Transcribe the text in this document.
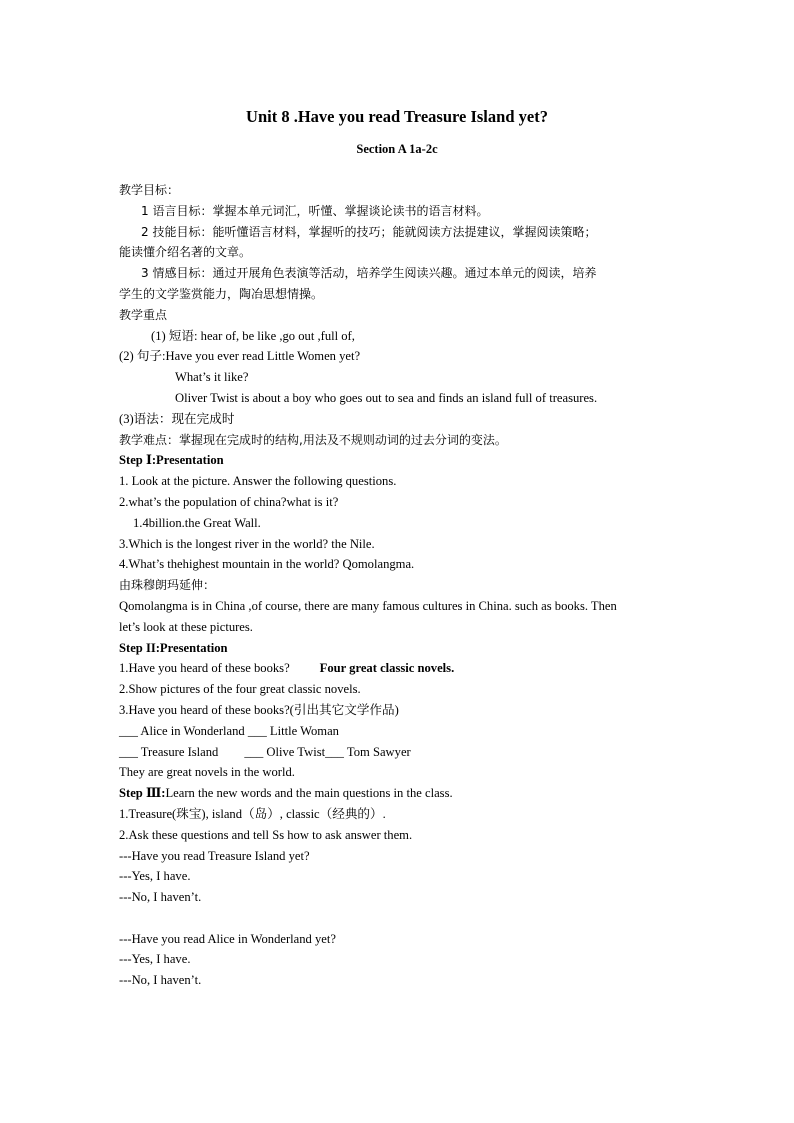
Unit 8 .Have you read Treasure Island yet?
Section A 1a-2c
教学目标：
1 语言目标：掌握本单元词汇，听懂、掌握谈论读书的语言材料。
2 技能目标：能听懂语言材料，掌握听的技巧；能就阅读方法提建议，掌握阅读策略；
能读懂介绍名著的文章。
3 情感目标：通过开展角色表演等活动，培养学生阅读兴趣。通过本单元的阅读，培养
学生的文学鉴赏能力，陶冶思想情操。
教学重点
(1) 短语: hear of, be like ,go out ,full of,
(2) 句子:Have you ever read Little Women yet?
What’s it like?
Oliver Twist is about a boy who goes out to sea and finds an island full of treasures.
(3)语法：现在完成时
教学难点：掌握现在完成时的结构,用法及不规则动词的过去分词的变法。
Step Ⅰ:Presentation
1. Look at the picture. Answer the following questions.
2.what’s the population of china?what is it?
1.4billion.the Great Wall.
3.Which is the longest river in the world? the Nile.
4.What’s thehighest mountain in the world? Qomolangma.
由珠穆朗玛延伸：
Qomolangma is in China ,of course, there are many famous cultures in China. such as books. Then
let’s look at these pictures.
Step II:Presentation
1.Have you heard of these books? Four great classic novels.
2.Show pictures of the four great classic novels.
3.Have you heard of these books?(引出其它文学作品)
___ Alice in Wonderland ___ Little Woman
___ Treasure Island ___ Olive Twist___ Tom Sawyer
They are great novels in the world.
Step Ⅲ:Learn the new words and the main questions in the class.
1.Treasure(珠宝), island（岛）, classic（经典的）.
2.Ask these questions and tell Ss how to ask answer them.
---Have you read Treasure Island yet?
---Yes, I have.
---No, I haven’t.
---Have you read Alice in Wonderland yet?
---Yes, I have.
---No, I haven’t.
